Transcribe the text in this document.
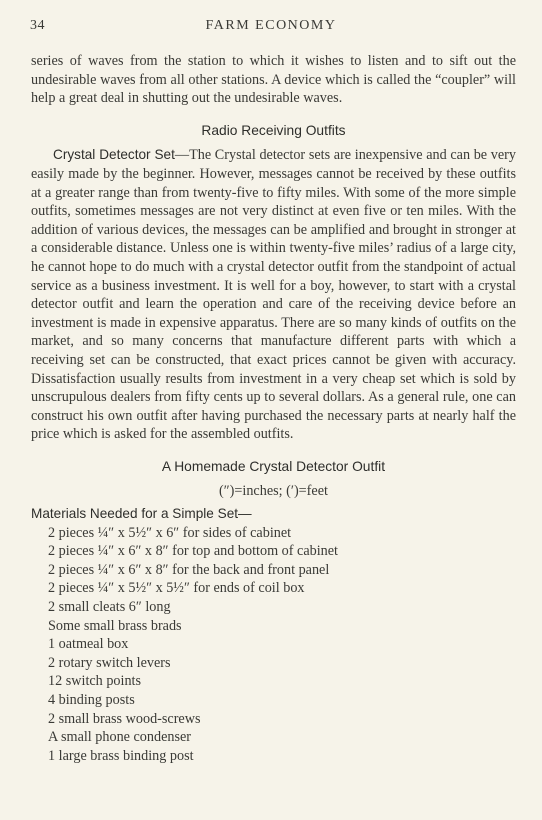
34	FARM ECONOMY

series of waves from the station to which it wishes to listen and to sift out the undesirable waves from all other stations. A device which is called the “coupler” will help a great deal in shutting out the undesirable waves.

Radio Receiving Outfits

Crystal Detector Set—The Crystal detector sets are inexpensive and can be very easily made by the beginner. However, messages cannot be received by these outfits at a greater range than from twenty-five to fifty miles. With some of the more simple outfits, sometimes messages are not very distinct at even five or ten miles. With the addition of various devices, the messages can be amplified and brought in stronger at a considerable distance. Unless one is within twenty-five miles’ radius of a large city, he cannot hope to do much with a crystal detector outfit from the standpoint of actual service as a business investment. It is well for a boy, however, to start with a crystal detector outfit and learn the operation and care of the receiving device before an investment is made in expensive apparatus. There are so many kinds of outfits on the market, and so many concerns that manufacture different parts with which a receiving set can be constructed, that exact prices cannot be given with accuracy. Dissatisfaction usually results from investment in a very cheap set which is sold by unscrupulous dealers from fifty cents up to several dollars. As a general rule, one can construct his own outfit after having purchased the necessary parts at nearly half the price which is asked for the assembled outfits.

A Homemade Crystal Detector Outfit

(″)=inches; (′)=feet

Materials Needed for a Simple Set—

2 pieces ¼″ x 5½″ x 6″ for sides of cabinet
2 pieces ¼″ x 6″ x 8″ for top and bottom of cabinet
2 pieces ¼″ x 6″ x 8″ for the back and front panel
2 pieces ¼″ x 5½″ x 5½″ for ends of coil box
2 small cleats 6″ long
Some small brass brads
1 oatmeal box
2 rotary switch levers
12 switch points
4 binding posts
2 small brass wood-screws
A small phone condenser
1 large brass binding post
